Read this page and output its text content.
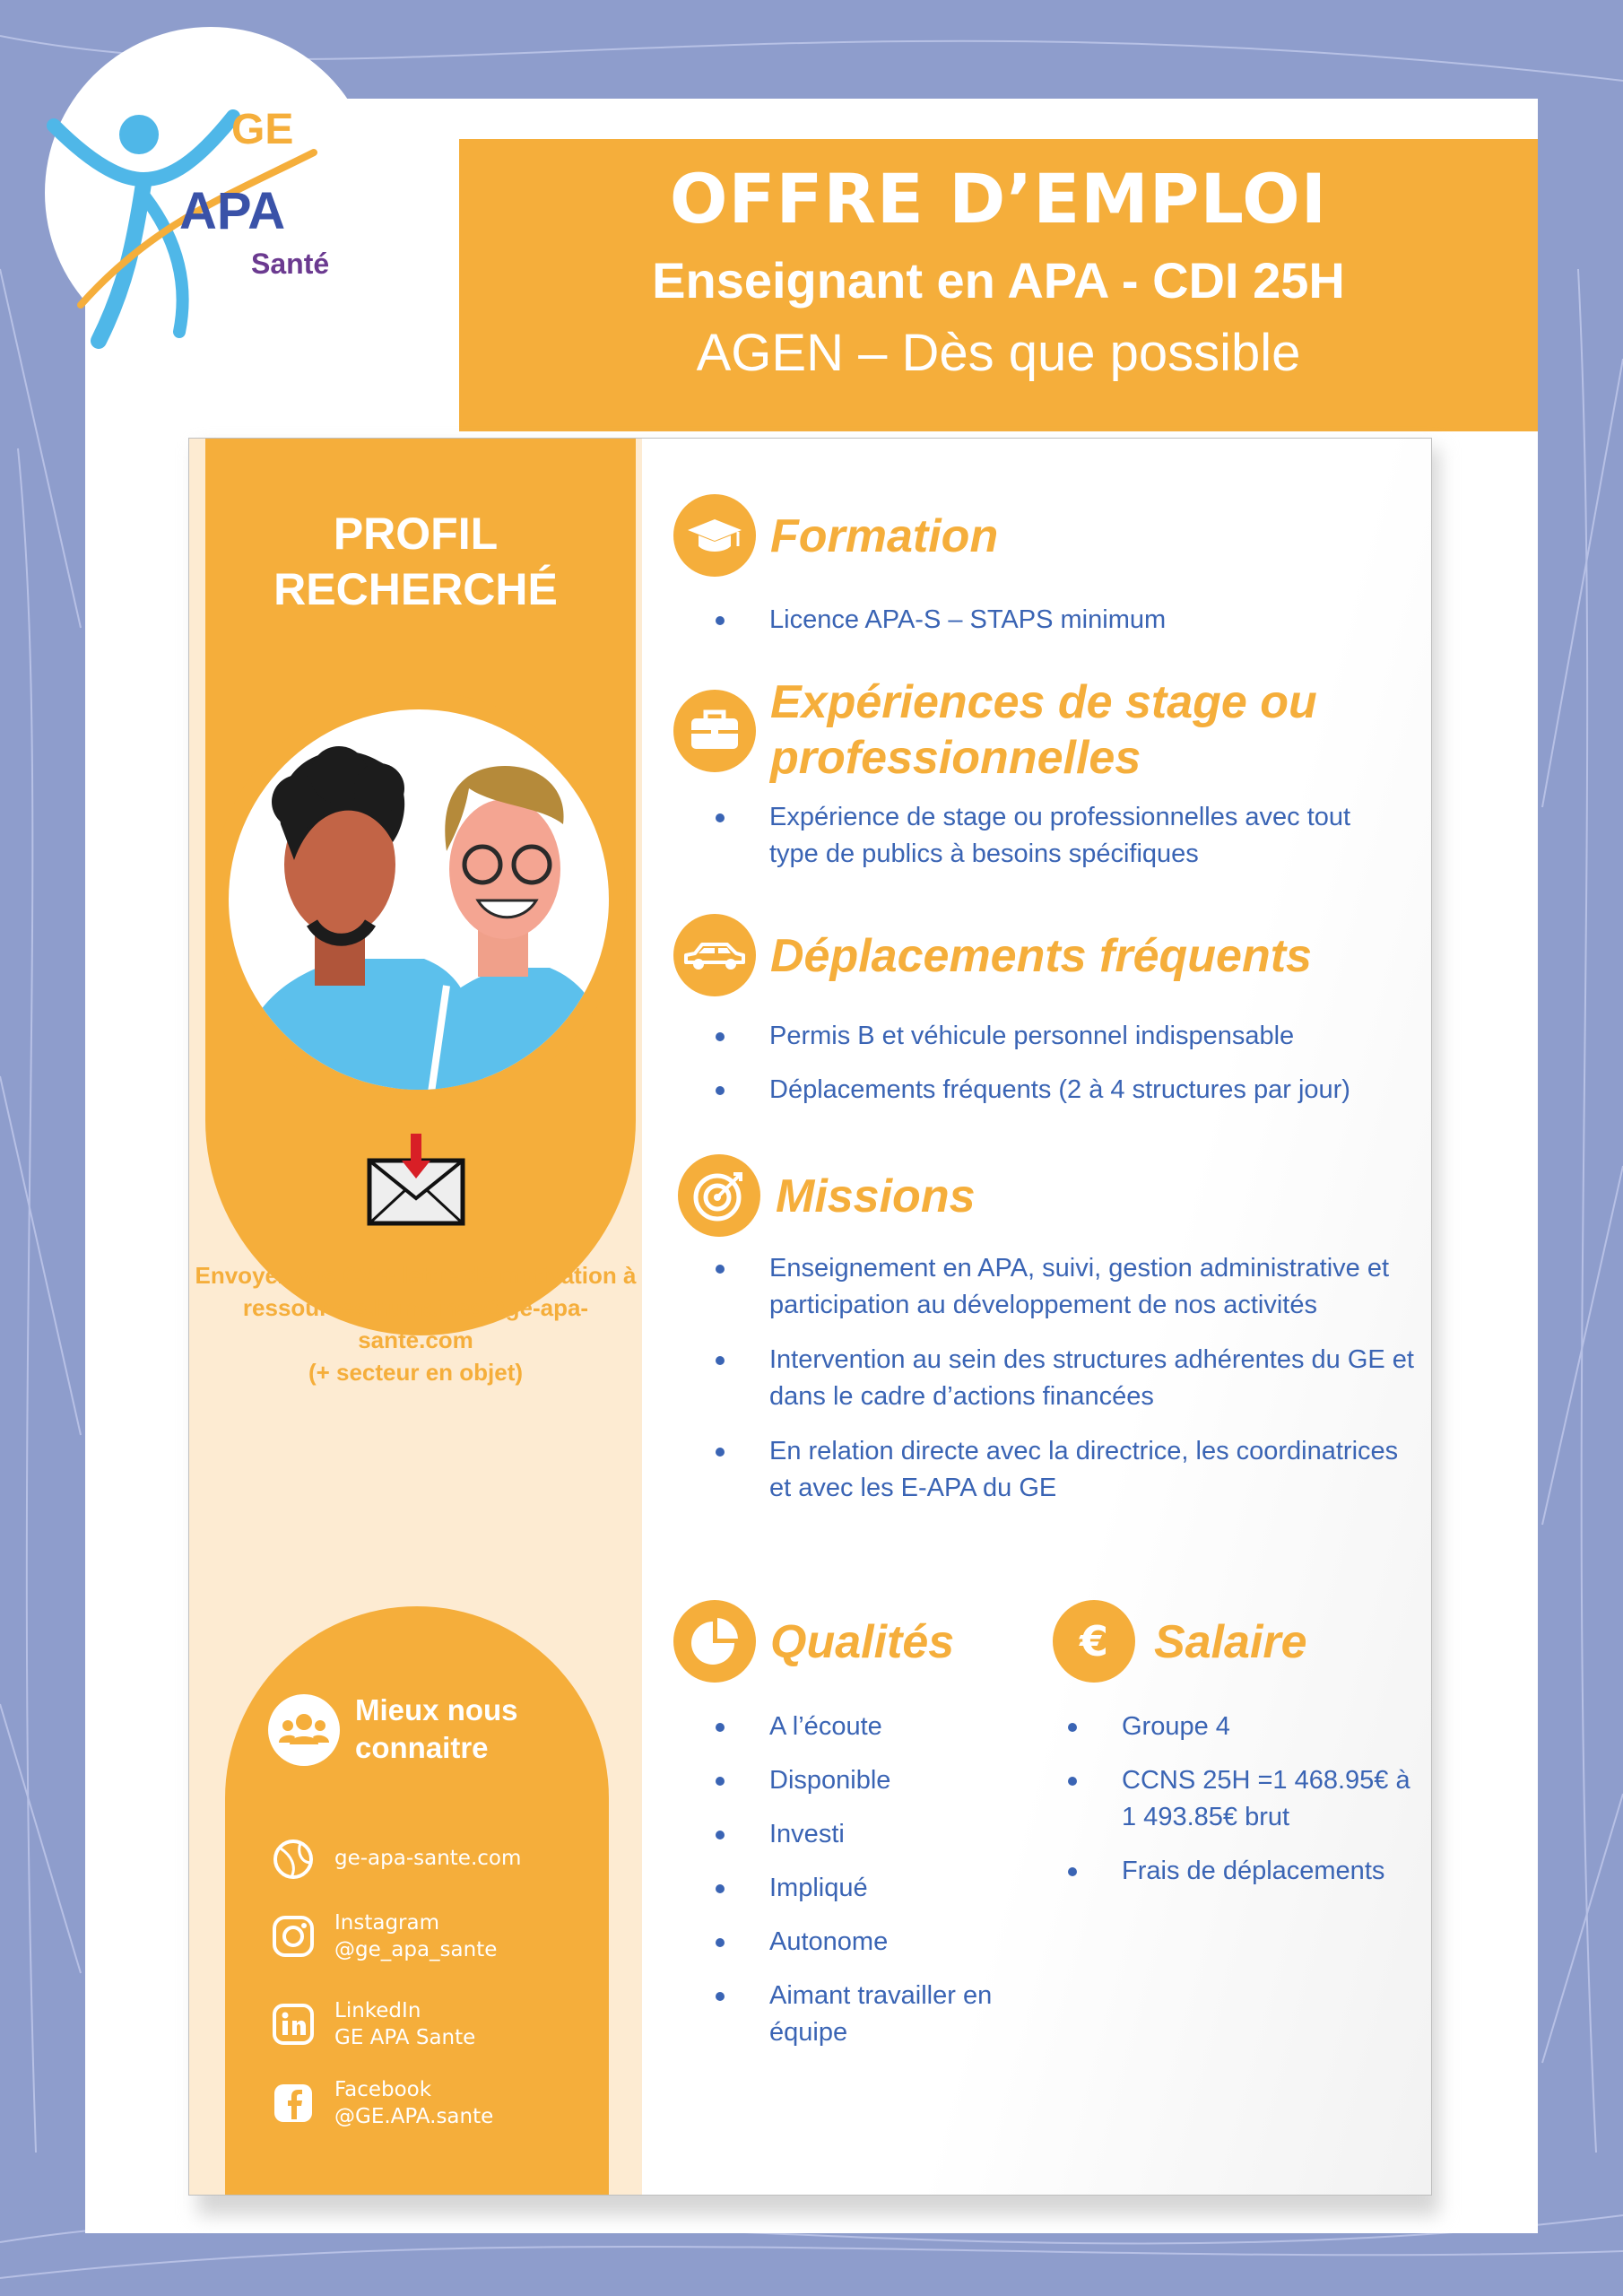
GE
APA
Santé
OFFRE D’EMPLOI
Enseignant en APA - CDI 25H
AGEN – Dès que possible
PROFIL
RECHERCHÉ
Envoyez vos CV + lettre de motivation à
ressources.humaines@ge-apa-sante.com
(+ secteur en objet)
Mieux nous
connaitre
ge-apa-sante.com
Instagram
@ge_apa_sante
LinkedIn
GE APA Sante
Facebook
@GE.APA.sante
Formation
Licence APA-S – STAPS minimum
Expériences de stage ou
professionnelles
Expérience de stage ou professionnelles avec tout type de publics à besoins spécifiques
Déplacements fréquents
Permis B et véhicule personnel indispensable
Déplacements fréquents (2 à 4 structures par jour)
Missions
Enseignement en APA, suivi, gestion administrative et participation au développement de nos activités
Intervention au sein des structures adhérentes du GE et dans le cadre d’actions financées
En relation directe avec la directrice, les coordinatrices et avec les E-APA du GE
Qualités
A l’écoute
Disponible
Investi
Impliqué
Autonome
Aimant travailler en équipe
€ Salaire
Groupe 4
CCNS 25H =1 468.95€ à 1 493.85€ brut
Frais de déplacements
